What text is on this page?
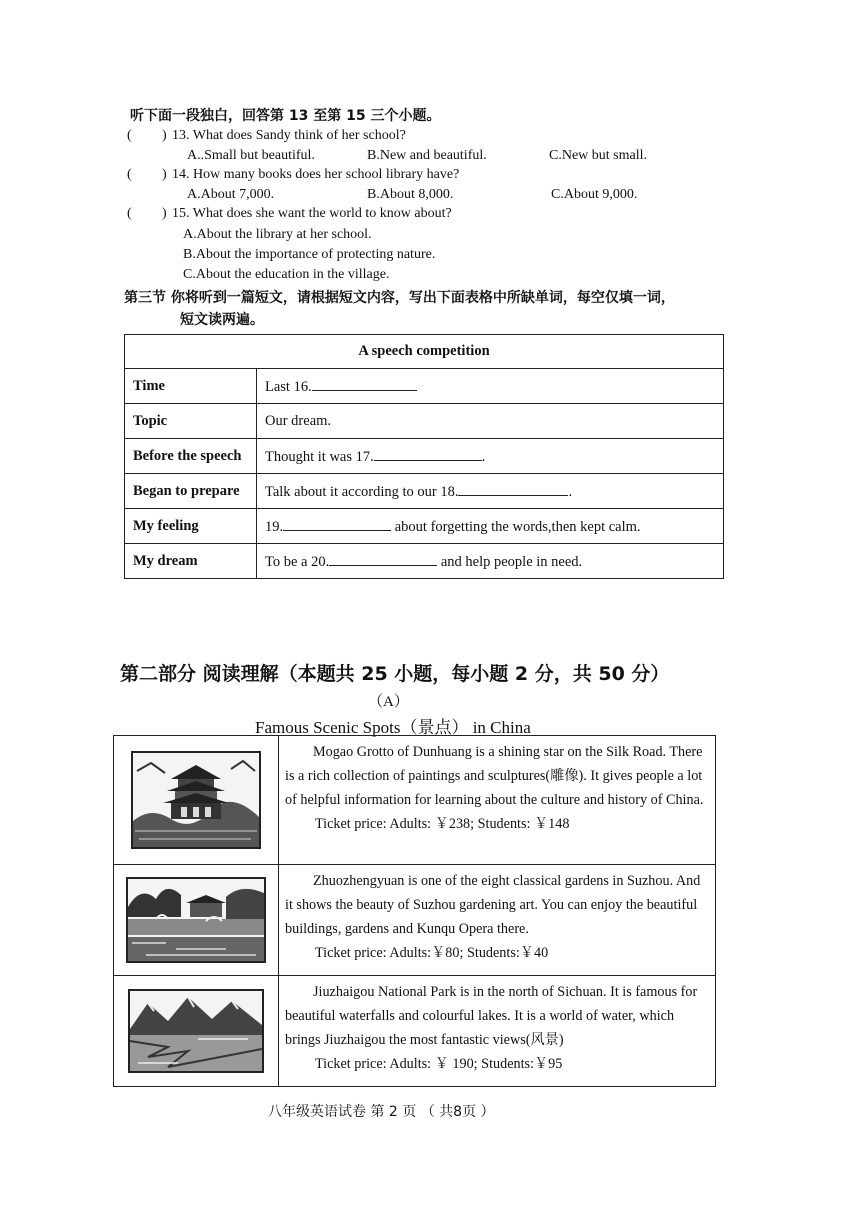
听下面一段独白，回答第 13 至第 15 三个小题。
( ) 13. What does Sandy think of her school?
A..Small but beautiful.	B.New and beautiful.	C.New but small.
( ) 14. How many books does her school library have?
A.About 7,000.	B.About 8,000.	C.About 9,000.
( ) 15. What does she want the world to know about?
A.About the library at her school.
B.About the importance of protecting nature.
C.About the education in the village.
第三节 你将听到一篇短文，请根据短文内容，写出下面表格中所缺单词，每空仅填一词，
短文读两遍。
A speech competition	
Time	Last 16.
Topic	Our dream.
Before the speech	Thought it was 17. .
Began to prepare	Talk about it according to our 18. .
My feeling	19. about forgetting the words,then kept calm.
My dream	To be a 20. and help people in need.
第二部分 阅读理解（本题共 25 小题，每小题 2 分，共 50 分）
（A）
Famous Scenic Spots（景点） in China

Mogao Grotto of Dunhuang is a shining star on the Silk Road. There is a rich collection of paintings and sculptures(雕像). It gives people a lot of helpful information for learning about the culture and history of China.
Ticket price: Adults: ￥238; Students: ￥148

Zhuozhengyuan is one of the eight classical gardens in Suzhou. And it shows the beauty of Suzhou gardening art. You can enjoy the beautiful buildings, gardens and Kunqu Opera there.
Ticket price: Adults:￥80; Students:￥40

Jiuzhaigou National Park is in the north of Sichuan. It is famous for beautiful waterfalls and colourful lakes. It is a world of water, which brings Jiuzhaigou the most fantastic views(风景)
Ticket price: Adults: ￥ 190; Students:￥95
八年级英语试卷 第 2 页 （ 共8页 ）
